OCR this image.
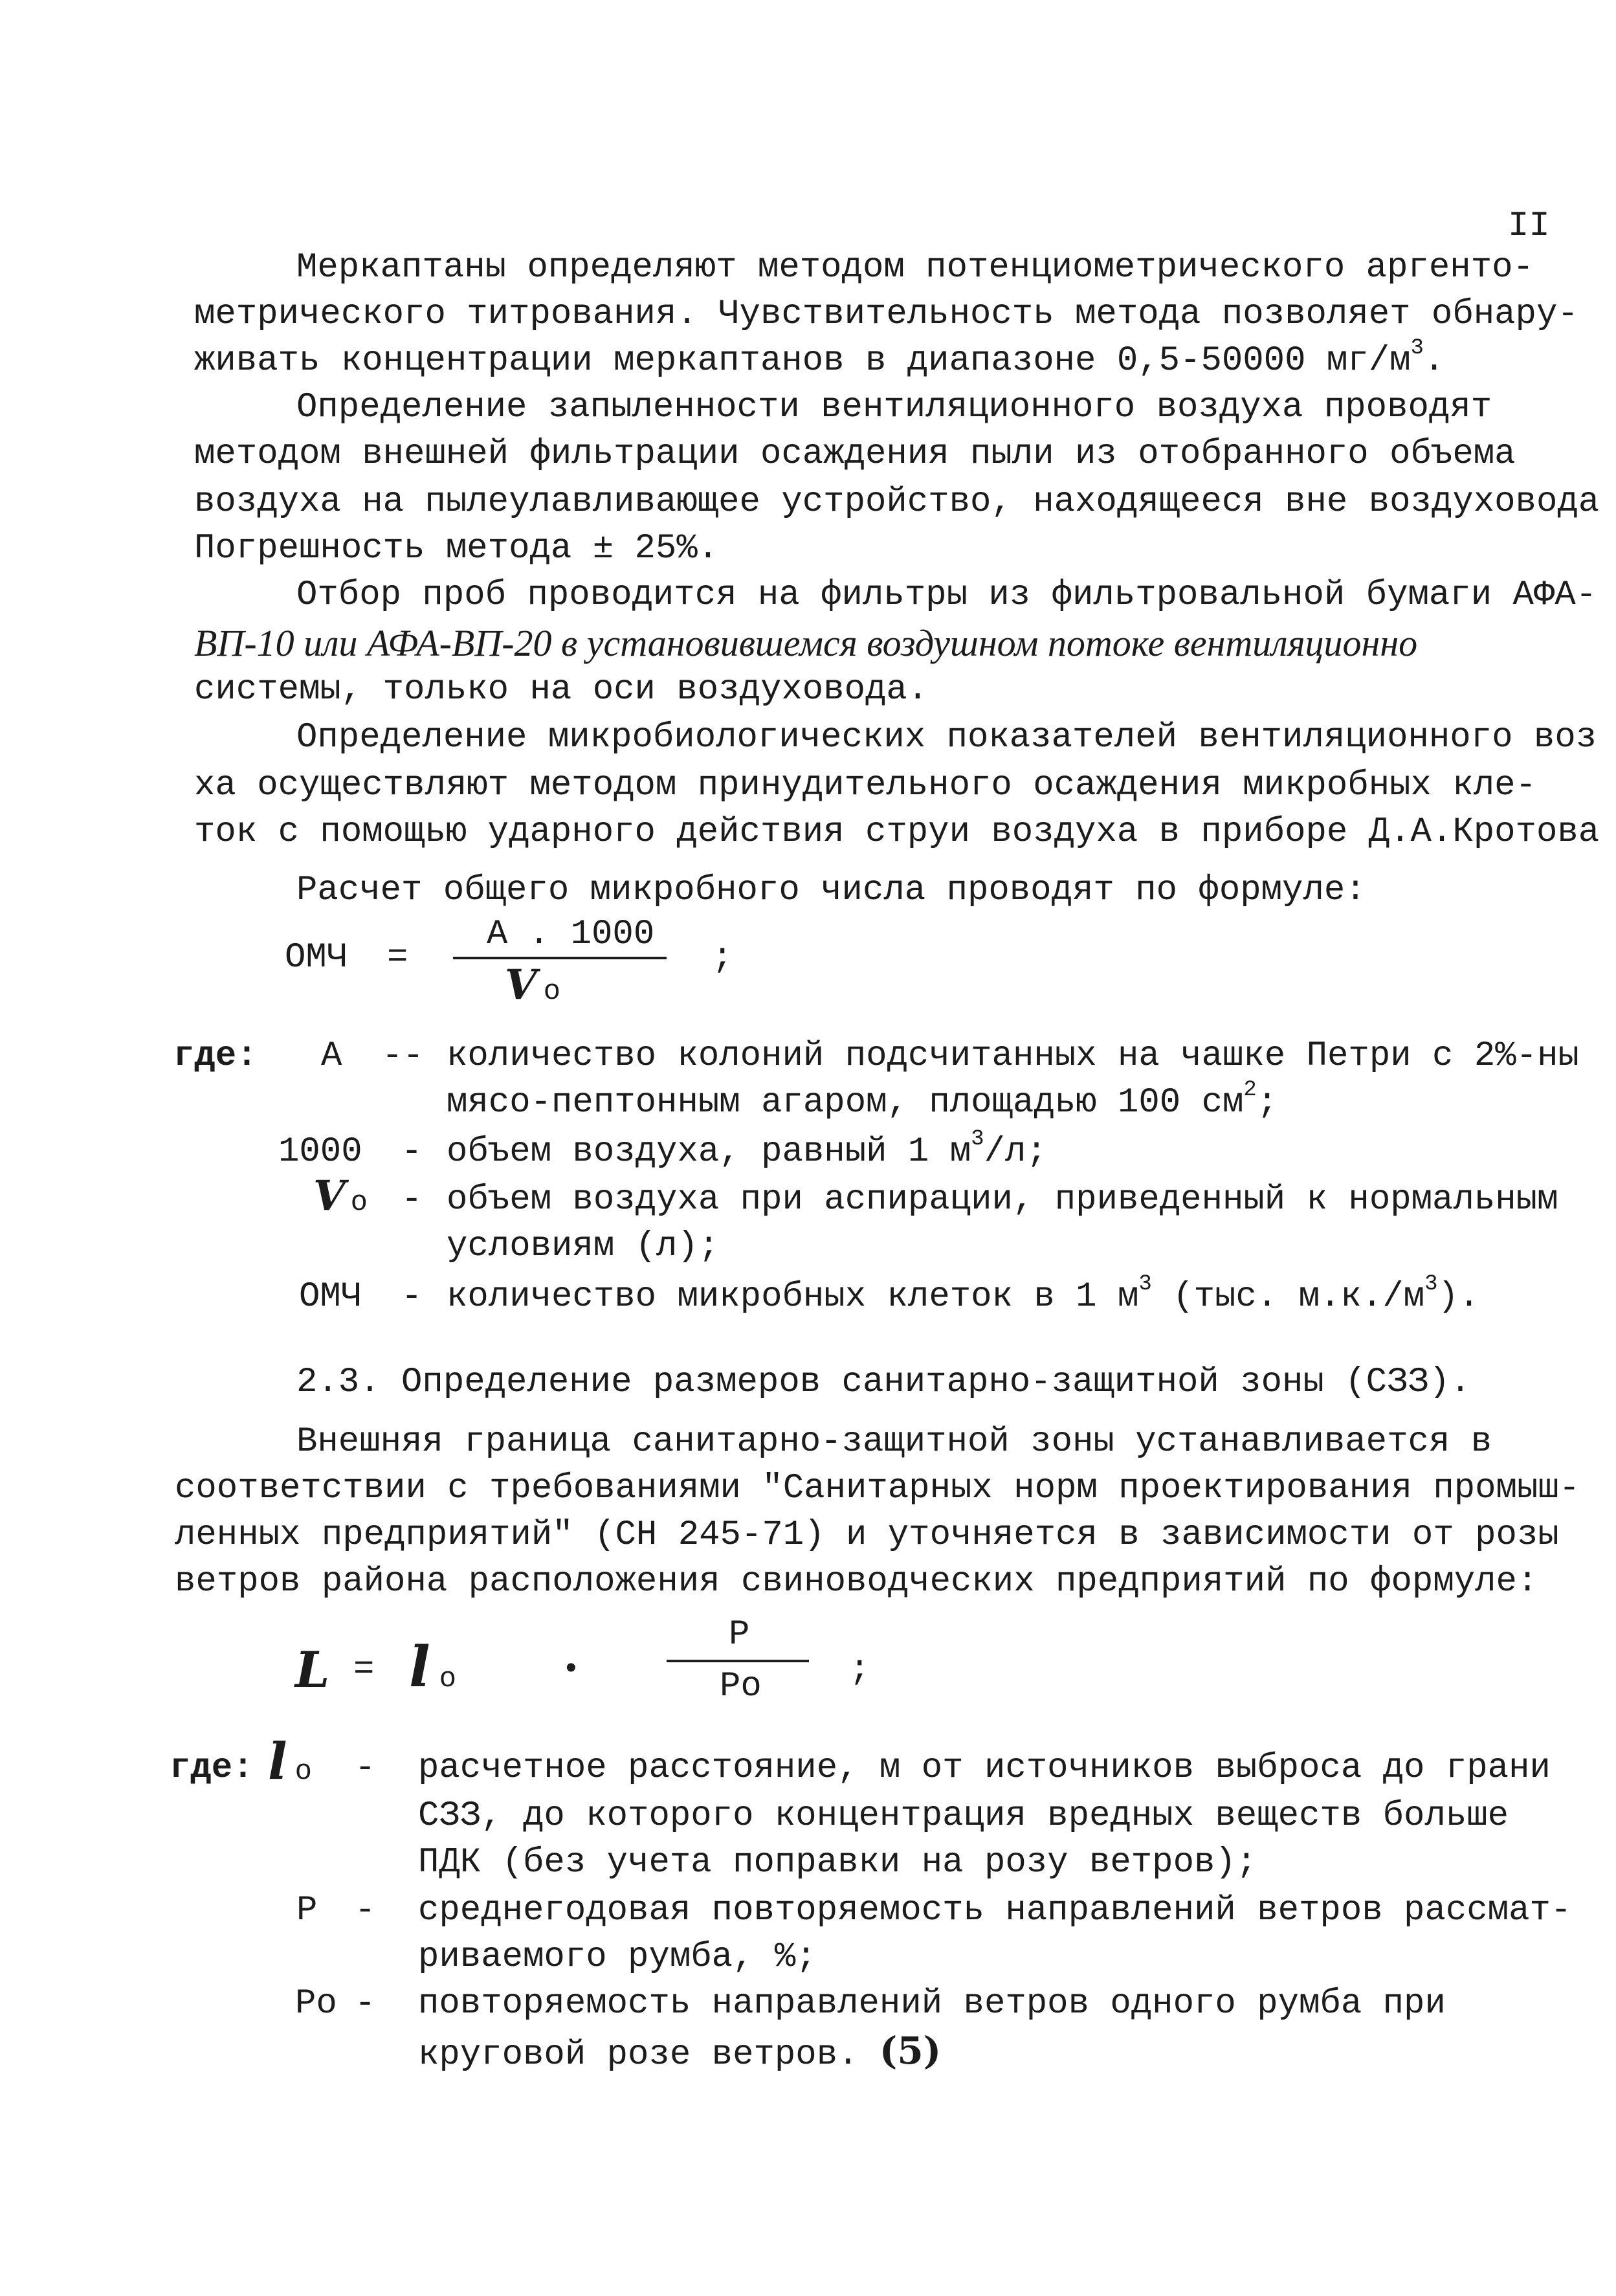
II
Меркаптаны определяют методом потенциометрического аргенто-
метрического титрования. Чувствительность метода позволяет обнару-
живать концентрации меркаптанов в диапазоне 0,5-50000 $мг/м^3$.
Определение запыленности вентиляционного воздуха проводят
методом внешней фильтрации осаждения пыли из отобранного объема
воздуха на пылеулавливающее устройство, находящееся вне воздуховода
Погрешность метода ± 25%.
Отбор проб проводится на фильтры из фильтровальной бумаги АФА-
ВП-10 или АФА-ВП-20 в установившемся воздушном потоке вентиляционно
системы, только на оси воздуховода.
Определение микробиологических показателей вентиляционного воз
ха осуществляют методом принудительного осаждения микробных кле-
ток с помощью ударного действия струи воздуха в приборе Д.А.Кротова
Расчет общего микробного числа проводят по формуле:
ОМЧ =
А . 1000
V о
;
где: А -- количество колоний подсчитанных на чашке Петри с 2%-ны
мясо-пептонным агаром, площадью 100 $см^2$;
1000 - объем воздуха, равный 1 $м^3/л$;
V о - объем воздуха при аспирации, приведенный к нормальным
условиям (л);
ОМЧ - количество микробных клеток в 1 $м^3$ (тыс. $м.к./м^3$).
2.3. Определение размеров санитарно-защитной зоны (СЗЗ).
Внешняя граница санитарно-защитной зоны устанавливается в
соответствии с требованиями "Санитарных норм проектирования промыш-
ленных предприятий" (СН 245-71) и уточняется в зависимости от розы
ветров района расположения свиноводческих предприятий по формуле:
L = lо	•
Р
Ро	;
где: lо - расчетное расстояние, м от источников выброса до грани
СЗЗ, до которого концентрация вредных веществ больше
ПДК (без учета поправки на розу ветров);
Р - среднегодовая повторяемость направлений ветров рассмат-
риваемого румба, %;
Ро - повторяемость направлений ветров одного румба при
круговой розе ветров. (5)
